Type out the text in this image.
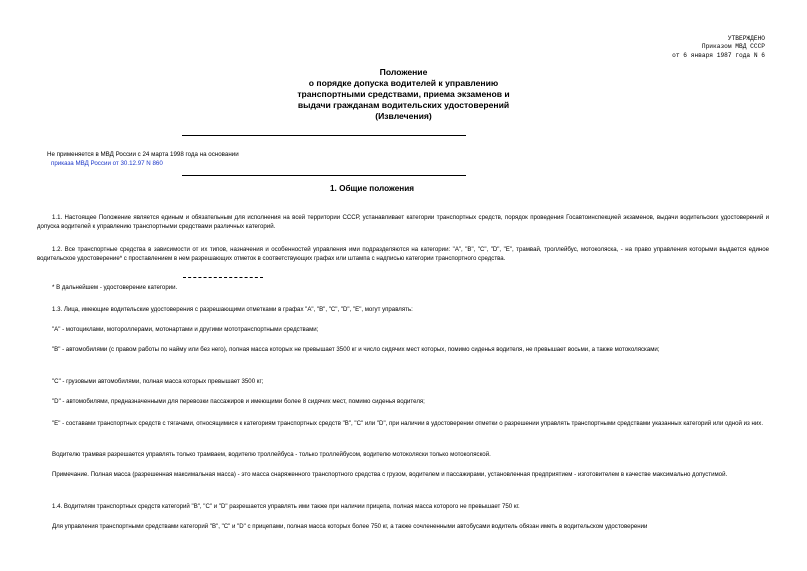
УТВЕРЖДЕНО
Приказом МВД СССР
от 6 января 1987 года N 6
Положение
о порядке допуска водителей к управлению
транспортными средствами, приема экзаменов и
выдачи гражданам водительских удостоверений
(Извлечения)
Не применяется в МВД России с 24 марта 1998 года на основании
приказа МВД России от 30.12.97 N 860
1. Общие положения

1.1. Настоящее Положение является единым и обязательным для исполнения на всей территории СССР, устанавливает категории транспортных средств, порядок проведения Госавтоинспекцией экзаменов, выдачи водительских удостоверений и допуска водителей к управлению транспортными средствами различных категорий.

1.2. Все транспортные средства в зависимости от их типов, назначения и особенностей управления ими подразделяются на категории: "А", "В", "С", "D", "Е", трамвай, троллейбус, мотоколяска, - на право управления которыми выдается единое водительское удостоверение* с проставлением в нем разрешающих отметок в соответствующих графах или штампа с надписью категории транспортного средства.

* В дальнейшем - удостоверение категории.

1.3. Лица, имеющие водительские удостоверения с разрешающими отметками в графах "А", "В", "С", "D", "Е", могут управлять:

"А" - мотоциклами, мотороллерами, мотонартами и другими мототранспортными средствами;

"В" - автомобилями (с правом работы по найму или без него), полная масса которых не превышает 3500 кг и число сидячих мест которых, помимо сиденья водителя, не превышает восьми, а также мотоколясками;

"С" - грузовыми автомобилями, полная масса которых превышает 3500 кг;

"D" - автомобилями, предназначенными для перевозки пассажиров и имеющими более 8 сидячих мест, помимо сиденья водителя;

"Е" - составами транспортных средств с тягачами, относящимися к категориям транспортных средств "В", "С" или "D", при наличии в удостоверении отметки о разрешении управлять транспортными средствами указанных категорий или одной из них.

Водителю трамвая разрешается управлять только трамваем, водителю троллейбуса - только троллейбусом, водителю мотоколяски только мотоколяской.

Примечание. Полная масса (разрешенная максимальная масса) - это масса снаряженного транспортного средства с грузом, водителем и пассажирами, установленная предприятием - изготовителем в качестве максимально допустимой.

1.4. Водителям транспортных средств категорий "В", "С" и "D" разрешается управлять ими также при наличии прицепа, полная масса которого не превышает 750 кг.

Для управления транспортными средствами категорий "В", "С" и "D" с прицепами, полная масса которых более 750 кг, а также сочлененными автобусами водитель обязан иметь в водительском удостоверении
